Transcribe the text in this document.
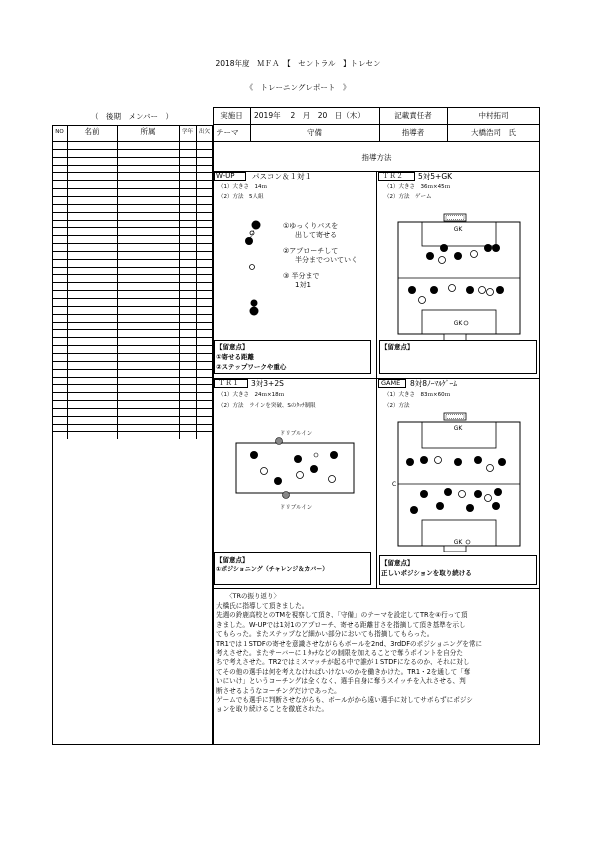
2018年度　ＭＦＡ　【　セントラル　】トレセン
《　トレーニングレポート　》
（　後期　メンバー　）
NO	名前	所属	学年	出欠
実施日	2019年　 2　月　20　日（木）	記載責任者	中村拓司
テーマ	守備	指導者	大橋浩司　氏
指導方法
W-UP パスコン＆１対１
（1）大きさ　14ｍ
（2）方法　5人組
①ゆっくりパスを
出して寄せる
②アプローチして
半分までついていく
③ 半分まで
1対1
【留意点】
①寄せる距離
②ステップワークや重心
ＴＲ２ 5対5+GK
（1）大きさ　36ｍ×45ｍ
（2）方法　ゲーム
GK
GK
【留意点】
ＴＲ１ 3対3+2S
（1）大きさ　24ｍ×18ｍ
（2）方法　ラインを突破、Sのﾀｯﾁ制限
ドリブルイン
ドリブルイン
【留意点】
①ポジショニング（チャレンジ＆カバー）
GAME 8対8ﾉｰﾏﾙｹﾞｰﾑ
（1）大きさ　83ｍ×60ｍ
（2）方法
GK
GK
C
【留意点】
正しいポジションを取り続ける
〈TRの振り返り〉
大橋氏に指導して頂きました。
先週の鈴鹿高校とのTMを視察して頂き、「守備」のテーマを設定してTRを④行って頂
きました。W-UPでは1対1のアプローチ、寄せる距離甘さを指摘して頂き基準を示し
てもらった。またステップなど細かい部分においても指摘してもらった。
TR1では１STDFの寄せを意識させながらもボールを2nd、3rdDFのポジショニングを常に
考えさせた。またサーバーに１ﾀｯﾁなどの制限を加えることで奪うポイントを自分た
ちで考えさせた。TR2ではミスマッチが起る中で誰が１STDFになるのか、それに対し
てその他の選手は何を考えなければいけないのかを働きかけた。TR1・2を通して「奪
いにいけ」というコーチングは全くなく、選手自身に奪うスイッチを入れさせる、判
断させるようなコーチングだけであった。
ゲームでも選手に判断させながらも、ボールがから遠い選手に対してサボらずにポジシ
ョンを取り続けることを徹底された。
